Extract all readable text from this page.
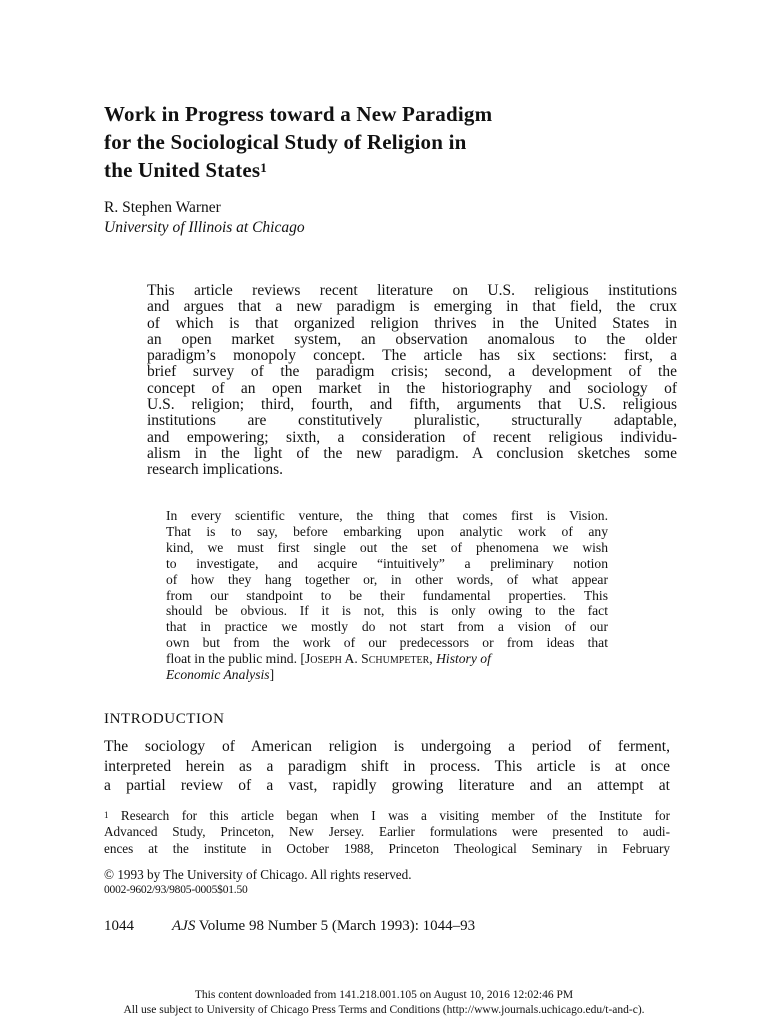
Work in Progress toward a New Paradigm
for the Sociological Study of Religion in
the United States$^1$
R. Stephen Warner
University of Illinois at Chicago
This article reviews recent literature on U.S. religious institutions
and argues that a new paradigm is emerging in that field, the crux
of which is that organized religion thrives in the United States in
an open market system, an observation anomalous to the older
paradigm’s monopoly concept. The article has six sections: first, a
brief survey of the paradigm crisis; second, a development of the
concept of an open market in the historiography and sociology of
U.S. religion; third, fourth, and fifth, arguments that U.S. religious
institutions are constitutively pluralistic, structurally adaptable,
and empowering; sixth, a consideration of recent religious individu-
alism in the light of the new paradigm. A conclusion sketches some
research implications.
In every scientific venture, the thing that comes first is Vision.
That is to say, before embarking upon analytic work of any
kind, we must first single out the set of phenomena we wish
to investigate, and acquire “intuitively” a preliminary notion
of how they hang together or, in other words, of what appear
from our standpoint to be their fundamental properties. This
should be obvious. If it is not, this is only owing to the fact
that in practice we mostly do not start from a vision of our
own but from the work of our predecessors or from ideas that
float in the public mind. [Joseph A. Schumpeter, History of
Economic Analysis]
INTRODUCTION
The sociology of American religion is undergoing a period of ferment,
interpreted herein as a paradigm shift in process. This article is at once
a partial review of a vast, rapidly growing literature and an attempt at
$^1$ Research for this article began when I was a visiting member of the Institute for
Advanced Study, Princeton, New Jersey. Earlier formulations were presented to audi-
ences at the institute in October 1988, Princeton Theological Seminary in February
© 1993 by The University of Chicago. All rights reserved.
0002-9602/93/9805-0005$01.50
1044	AJS Volume 98 Number 5 (March 1993): 1044–93
This content downloaded from 141.218.001.105 on August 10, 2016 12:02:46 PM
All use subject to University of Chicago Press Terms and Conditions (http://www.journals.uchicago.edu/t-and-c).
